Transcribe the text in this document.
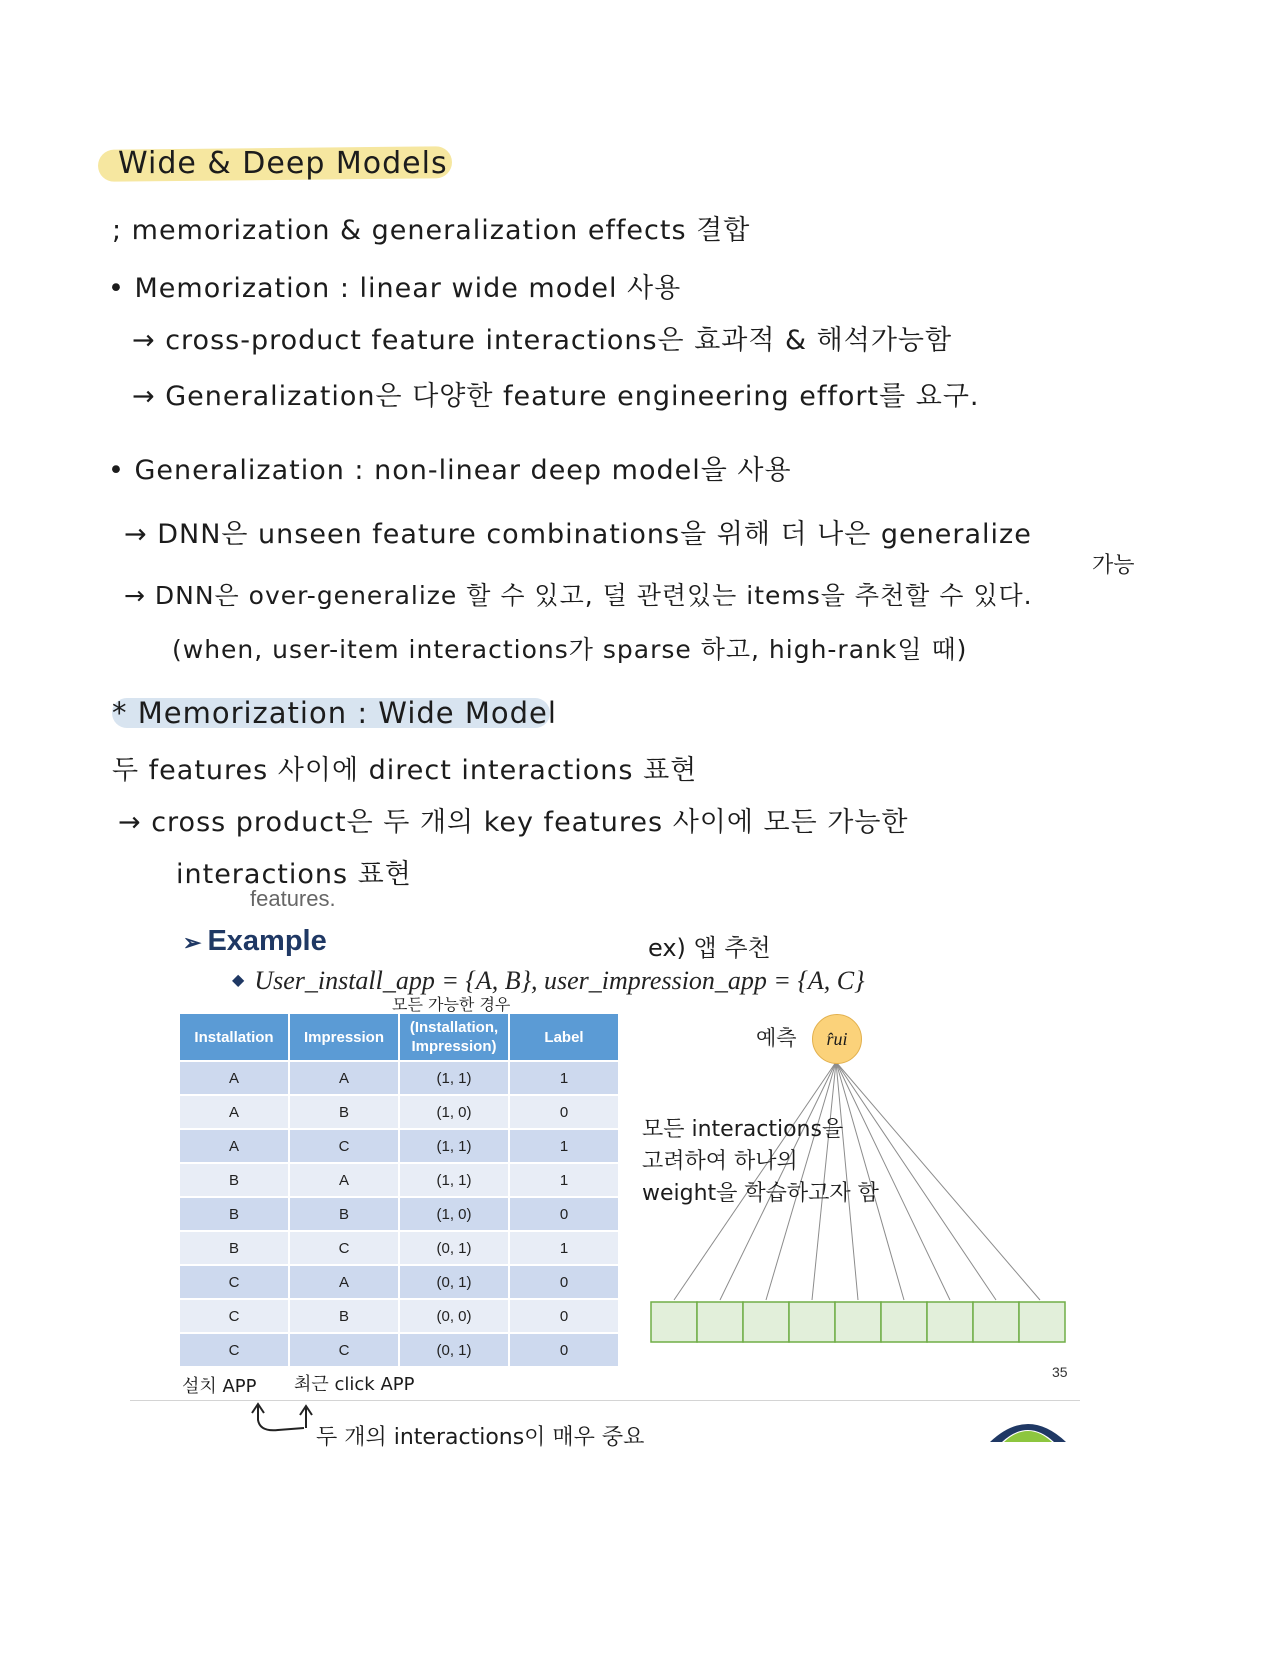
Wide & Deep Models
; memorization & generalization effects 결합
• Memorization : linear wide model 사용
→ cross-product feature interactions은 효과적 & 해석가능함
→ Generalization은 다양한 feature engineering effort를 요구.
• Generalization : non-linear deep model을 사용
→ DNN은 unseen feature combinations을 위해 더 나은 generalize
가능
→ DNN은 over-generalize 할 수 있고, 덜 관련있는 items을 추천할 수 있다.
(when, user-item interactions가 sparse 하고, high-rank일 때)
* Memorization : Wide Model
두 features 사이에 direct interactions 표현
→ cross product은 두 개의 key features 사이에 모든 가능한
interactions 표현
features.
➢ Example	ex) 앱 추천
◆ User_install_app = {A, B}, user_impression_app = {A, C}
모든 가능한 경우
Installation	Impression	(Installation, Impression)	Label
A	A	(1, 1)	1
A	B	(1, 0)	0
A	C	(1, 1)	1
B	A	(1, 1)	1
B	B	(1, 0)	0
B	C	(0, 1)	1
C	A	(0, 1)	0
C	B	(0, 0)	0
C	C	(0, 1)	0
r̂ui
예측
모든 interactions을
고려하여 하나의
weight을 학습하고자 함
35
설치 APP 최근 click APP
두 개의 interactions이 매우 중요
